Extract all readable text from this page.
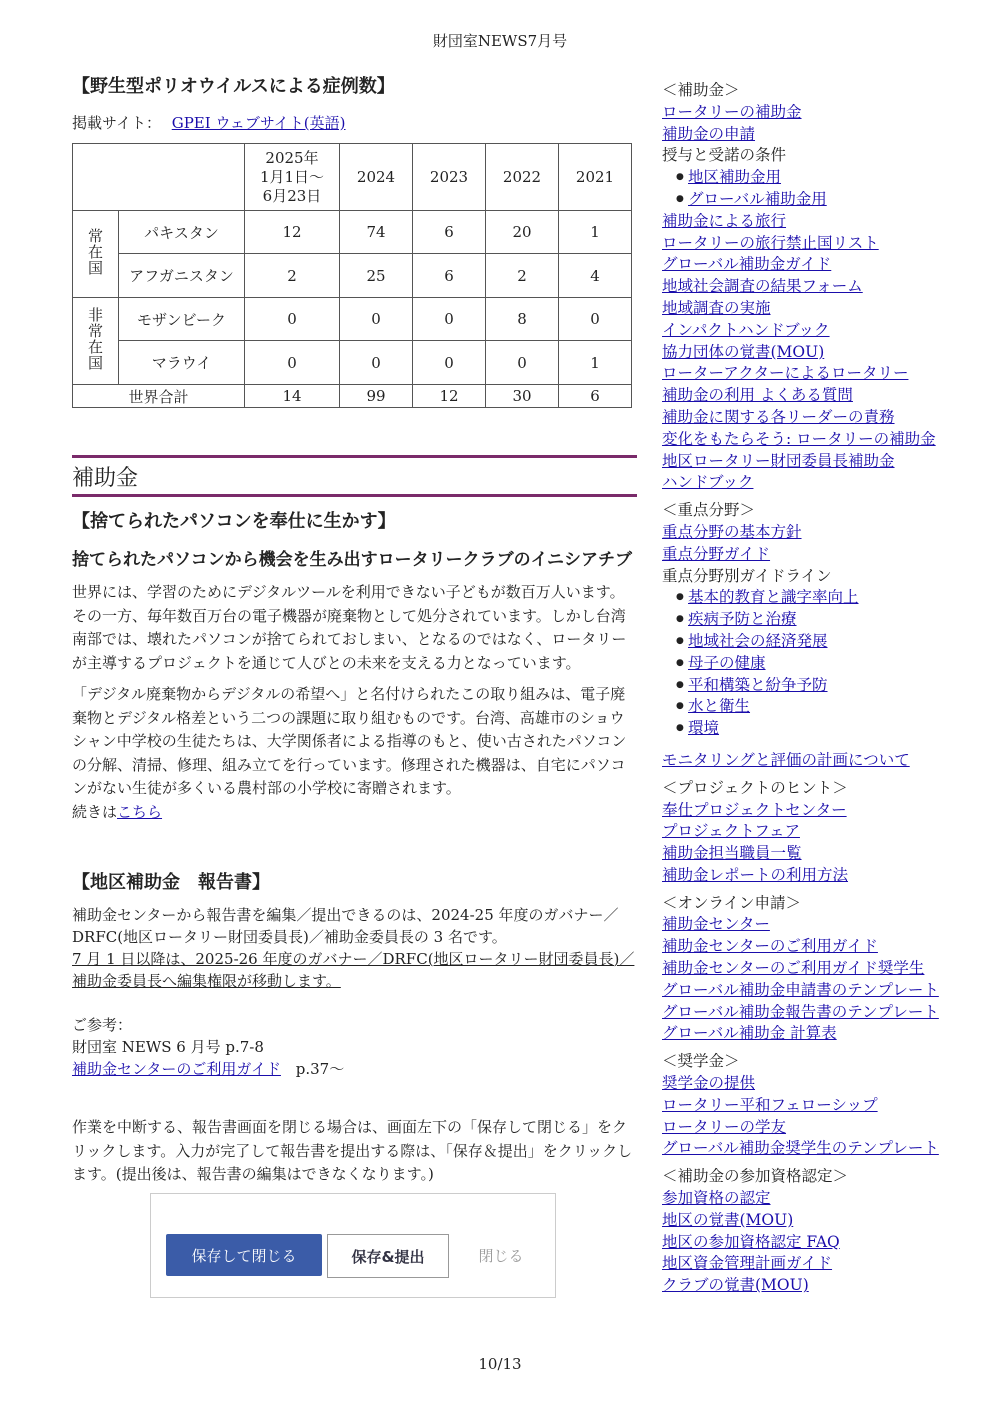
財団室NEWS7月号
【野生型ポリオウイルスによる症例数】
掲載サイト： GPEI ウェブサイト(英語)
		2025年
1月1日～
6月23日	2024	2023	2022	2021
常在国	パキスタン	12	74	6	20	1
	アフガニスタン	2	25	6	2	4
非常在国	モザンビーク	0	0	0	8	0
	マラウイ	0	0	0	0	1
世界合計		14	99	12	30	6
補助金
【捨てられたパソコンを奉仕に生かす】
捨てられたパソコンから機会を生み出すロータリークラブのイニシアチブ

世界には、学習のためにデジタルツールを利用できない子どもが数百万人います。その一方、毎年数百万台の電子機器が廃棄物として処分されています。しかし台湾南部では、壊れたパソコンが捨てられておしまい、となるのではなく、ロータリーが主導するプロジェクトを通じて人びとの未来を支える力となっています。

「デジタル廃棄物からデジタルの希望へ」と名付けられたこの取り組みは、電子廃棄物とデジタル格差という二つの課題に取り組むものです。台湾、高雄市のショウシャン中学校の生徒たちは、大学関係者による指導のもと、使い古されたパソコンの分解、清掃、修理、組み立てを行っています。修理された機器は、自宅にパソコンがない生徒が多くいる農村部の小学校に寄贈されます。

続きはこちら

【地区補助金　報告書】

補助金センターから報告書を編集／提出できるのは、2024-25 年度のガバナー／DRFC(地区ロータリー財団委員長)／補助金委員長の 3 名です。

7 月 1 日以降は、2025-26 年度のガバナー／DRFC(地区ロータリー財団委員長)／補助金委員長へ編集権限が移動します。

ご参考：

財団室 NEWS 6 月号 p.7-8

補助金センターのご利用ガイド p.37～

作業を中断する、報告書画面を閉じる場合は、画面左下の「保存して閉じる」をクリックします。入力が完了して報告書を提出する際は、「保存＆提出」をクリックします。(提出後は、報告書の編集はできなくなります。)

保存して閉じる	保存&提出	閉じる
＜補助金＞
ロータリーの補助金
補助金の申請
授与と受諾の条件
● 地区補助金用
● グローバル補助金用
補助金による旅行
ロータリーの旅行禁止国リスト
グローバル補助金ガイド
地域社会調査の結果フォーム
地域調査の実施
インパクトハンドブック
協力団体の覚書(MOU)
ローターアクターによるロータリー
補助金の利用 よくある質問
補助金に関する各リーダーの責務
変化をもたらそう: ロータリーの補助金
地区ロータリー財団委員長補助金
ハンドブック
＜重点分野＞
重点分野の基本方針
重点分野ガイド
重点分野別ガイドライン
● 基本的教育と識字率向上
● 疾病予防と治療
● 地域社会の経済発展
● 母子の健康
● 平和構築と紛争予防
● 水と衛生
● 環境
モニタリングと評価の計画について
＜プロジェクトのヒント＞
奉仕プロジェクトセンター
プロジェクトフェア
補助金担当職員一覧
補助金レポートの利用方法
＜オンライン申請＞
補助金センター
補助金センターのご利用ガイド
補助金センターのご利用ガイド奨学生
グローバル補助金申請書のテンプレート
グローバル補助金報告書のテンプレート
グローバル補助金 計算表
＜奨学金＞
奨学金の提供
ロータリー平和フェローシップ
ロータリーの学友
グローバル補助金奨学生のテンプレート
＜補助金の参加資格認定＞
参加資格の認定
地区の覚書(MOU)
地区の参加資格認定 FAQ
地区資金管理計画ガイド
クラブの覚書(MOU)
10/13
